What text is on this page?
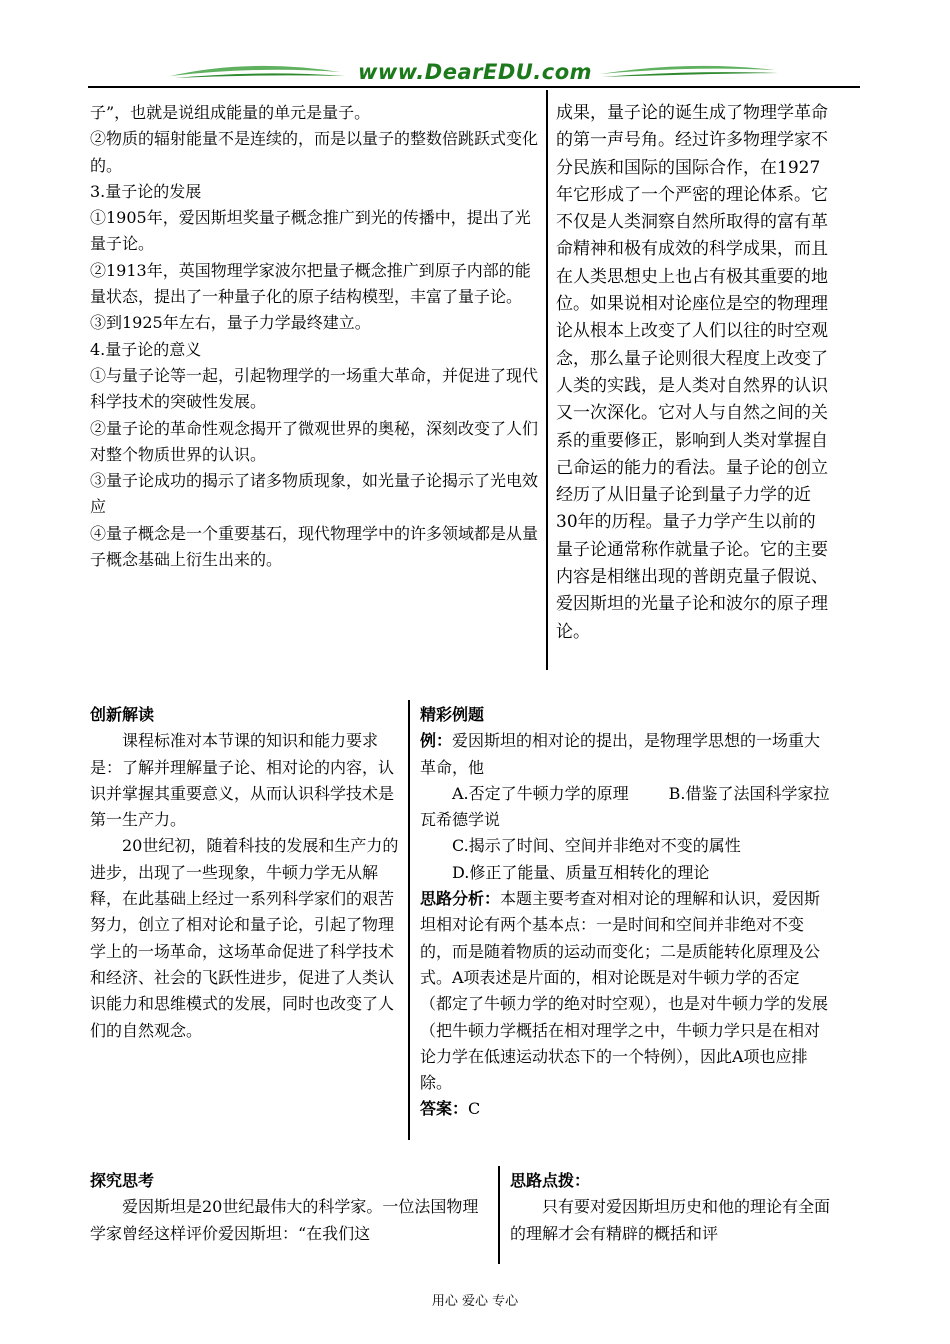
www.DearEDU.com

子”，也就是说组成能量的单元是量子。

②物质的辐射能量不是连续的，而是以量子的整数倍跳跃式变化的。

3.量子论的发展

①1905年，爱因斯坦奖量子概念推广到光的传播中，提出了光量子论。

②1913年，英国物理学家波尔把量子概念推广到原子内部的能量状态，提出了一种量子化的原子结构模型，丰富了量子论。

③到1925年左右，量子力学最终建立。

4.量子论的意义

①与量子论等一起，引起物理学的一场重大革命，并促进了现代科学技术的突破性发展。

②量子论的革命性观念揭开了微观世界的奥秘，深刻改变了人们对整个物质世界的认识。

③量子论成功的揭示了诸多物质现象，如光量子论揭示了光电效应

④量子概念是一个重要基石，现代物理学中的许多领域都是从量子概念基础上衍生出来的。

成果，量子论的诞生成了物理学革命的第一声号角。经过许多物理学家不分民族和国际的国际合作，在1927年它形成了一个严密的理论体系。它不仅是人类洞察自然所取得的富有革命精神和极有成效的科学成果，而且在人类思想史上也占有极其重要的地位。如果说相对论座位是空的物理理论从根本上改变了人们以往的时空观念，那么量子论则很大程度上改变了人类的实践，是人类对自然界的认识又一次深化。它对人与自然之间的关系的重要修正，影响到人类对掌握自己命运的能力的看法。量子论的创立经历了从旧量子论到量子力学的近30年的历程。量子力学产生以前的量子论通常称作就量子论。它的主要内容是相继出现的普朗克量子假说、爱因斯坦的光量子论和波尔的原子理论。

创新解读

课程标准对本节课的知识和能力要求是：了解并理解量子论、相对论的内容，认识并掌握其重要意义，从而认识科学技术是第一生产力。

20世纪初，随着科技的发展和生产力的进步，出现了一些现象，牛顿力学无从解释，在此基础上经过一系列科学家们的艰苦努力，创立了相对论和量子论，引起了物理学上的一场革命，这场革命促进了科学技术和经济、社会的飞跃性进步，促进了人类认识能力和思维模式的发展，同时也改变了人们的自然观念。

精彩例题

例：爱因斯坦的相对论的提出，是物理学思想的一场重大革命，他

A.否定了牛顿力学的原理	B.借鉴了法国科学家拉瓦希德学说

C.揭示了时间、空间并非绝对不变的属性

D.修正了能量、质量互相转化的理论

思路分析：本题主要考查对相对论的理解和认识，爱因斯坦相对论有两个基本点：一是时间和空间并非绝对不变的，而是随着物质的运动而变化；二是质能转化原理及公式。A项表述是片面的，相对论既是对牛顿力学的否定（都定了牛顿力学的绝对时空观），也是对牛顿力学的发展（把牛顿力学概括在相对理学之中，牛顿力学只是在相对论力学在低速运动状态下的一个特例），因此A项也应排除。

答案：C

探究思考

爱因斯坦是20世纪最伟大的科学家。一位法国物理学家曾经这样评价爱因斯坦：“在我们这

思路点拨：

只有要对爱因斯坦历史和他的理论有全面的理解才会有精辟的概括和评

用心 爱心 专心
